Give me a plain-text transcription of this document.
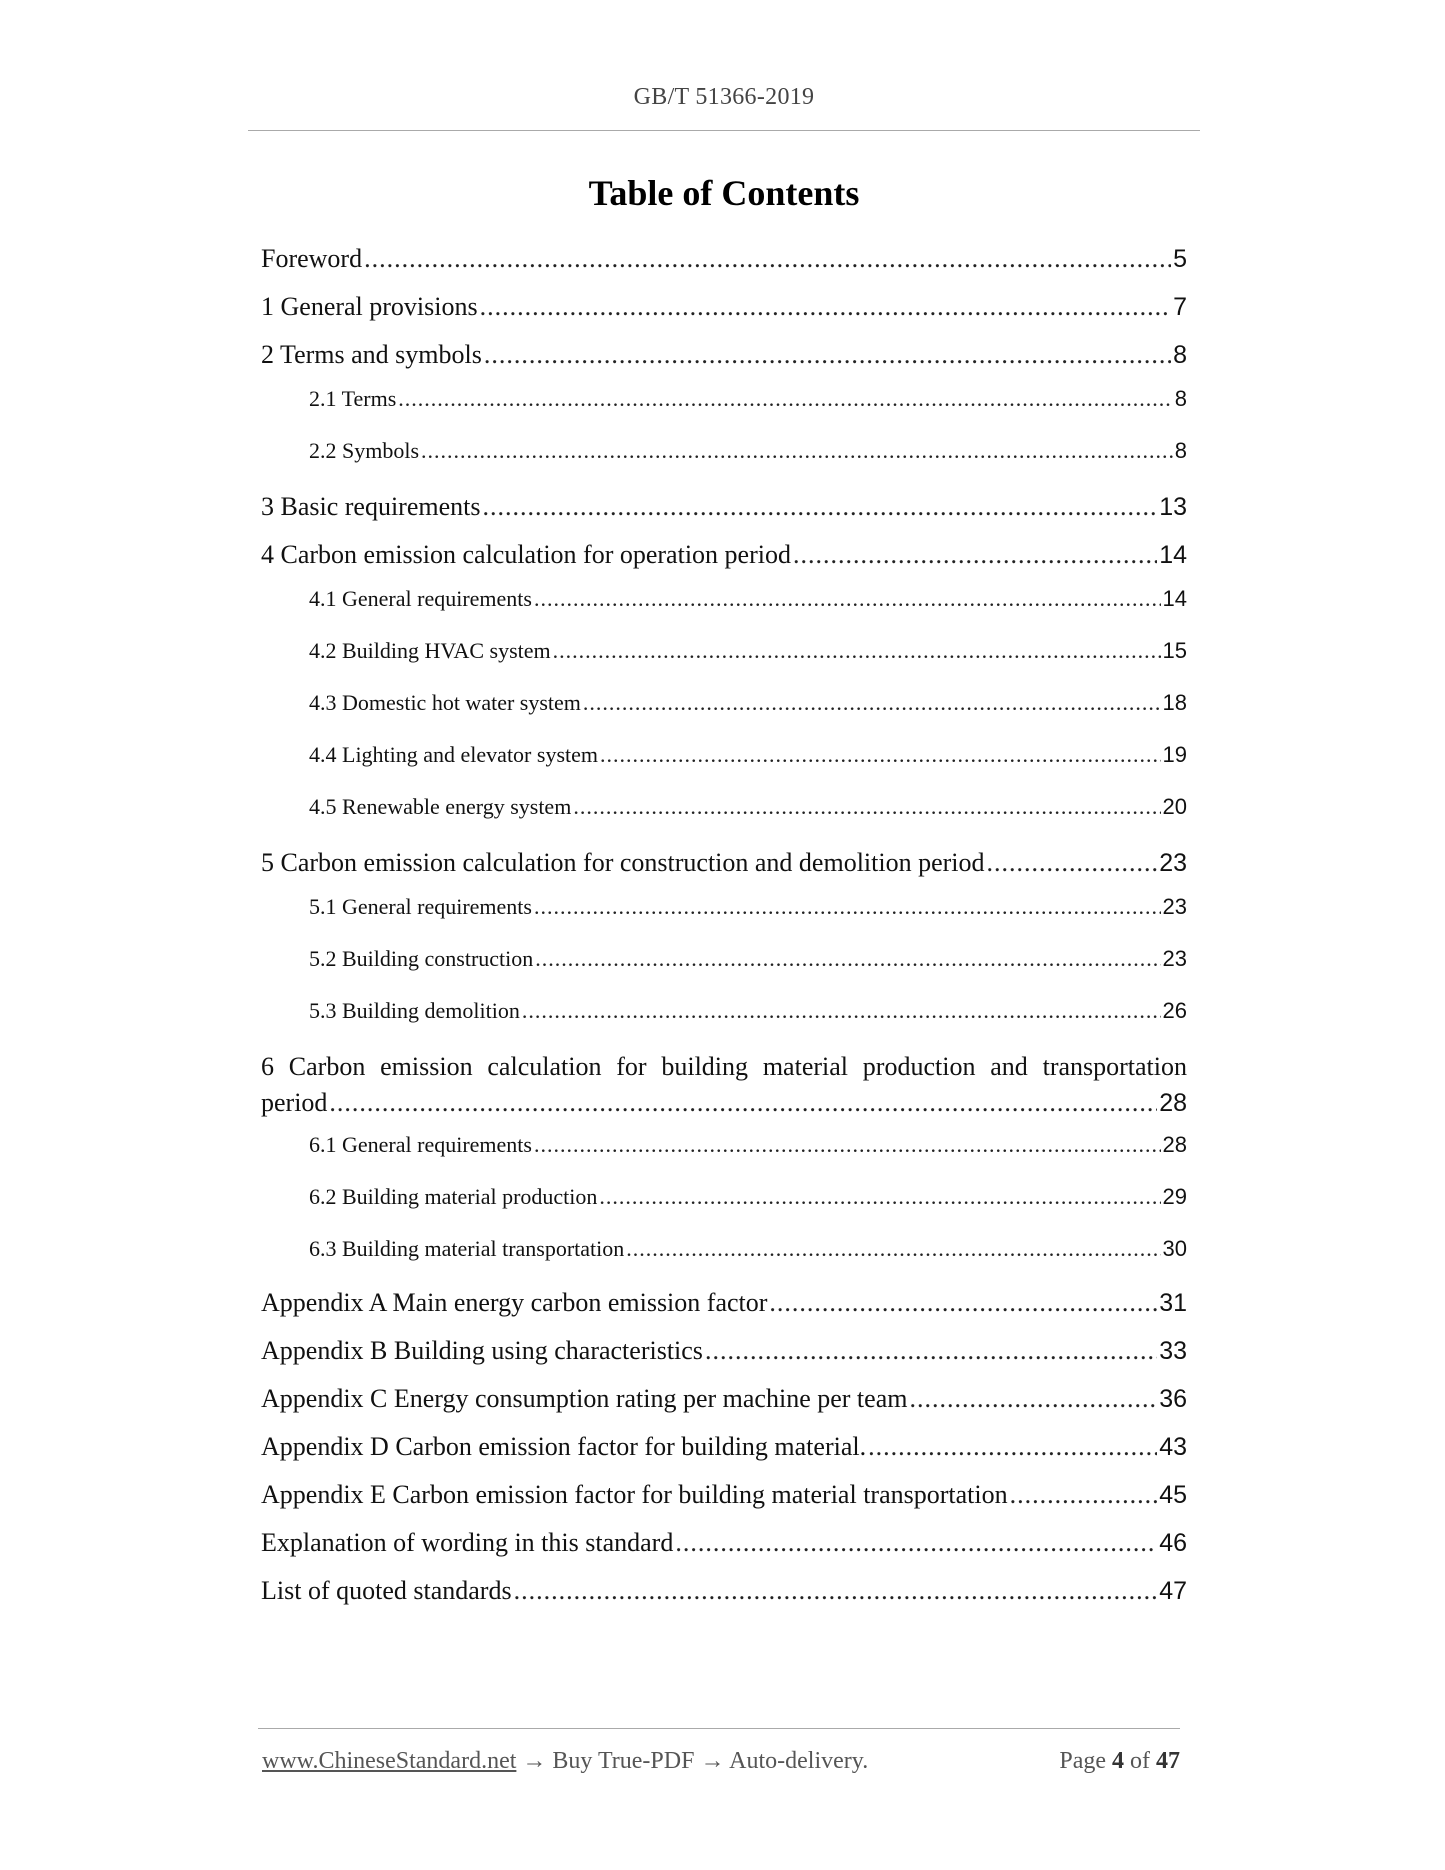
GB/T 51366-2019
Table of Contents
Foreword .....	5
1 General provisions .....	7
2 Terms and symbols .....	8
2.1 Terms .....	8
2.2 Symbols .....	8
3 Basic requirements .....	13
4 Carbon emission calculation for operation period .....	14
4.1 General requirements .....	14
4.2 Building HVAC system .....	15
4.3 Domestic hot water system .....	18
4.4 Lighting and elevator system .....	19
4.5 Renewable energy system .....	20
5 Carbon emission calculation for construction and demolition period .....	23
5.1 General requirements .....	23
5.2 Building construction .....	23
5.3 Building demolition .....	26
6 Carbon emission calculation for building material production and transportation
period .....	28
6.1 General requirements .....	28
6.2 Building material production .....	29
6.3 Building material transportation .....	30
Appendix A Main energy carbon emission factor .....	31
Appendix B Building using characteristics .....	33
Appendix C Energy consumption rating per machine per team .....	36
Appendix D Carbon emission factor for building material. .....	43
Appendix E Carbon emission factor for building material transportation .....	45
Explanation of wording in this standard .....	46
List of quoted standards .....	47
www.ChineseStandard.net → Buy True-PDF → Auto-delivery.	Page 4 of 47
